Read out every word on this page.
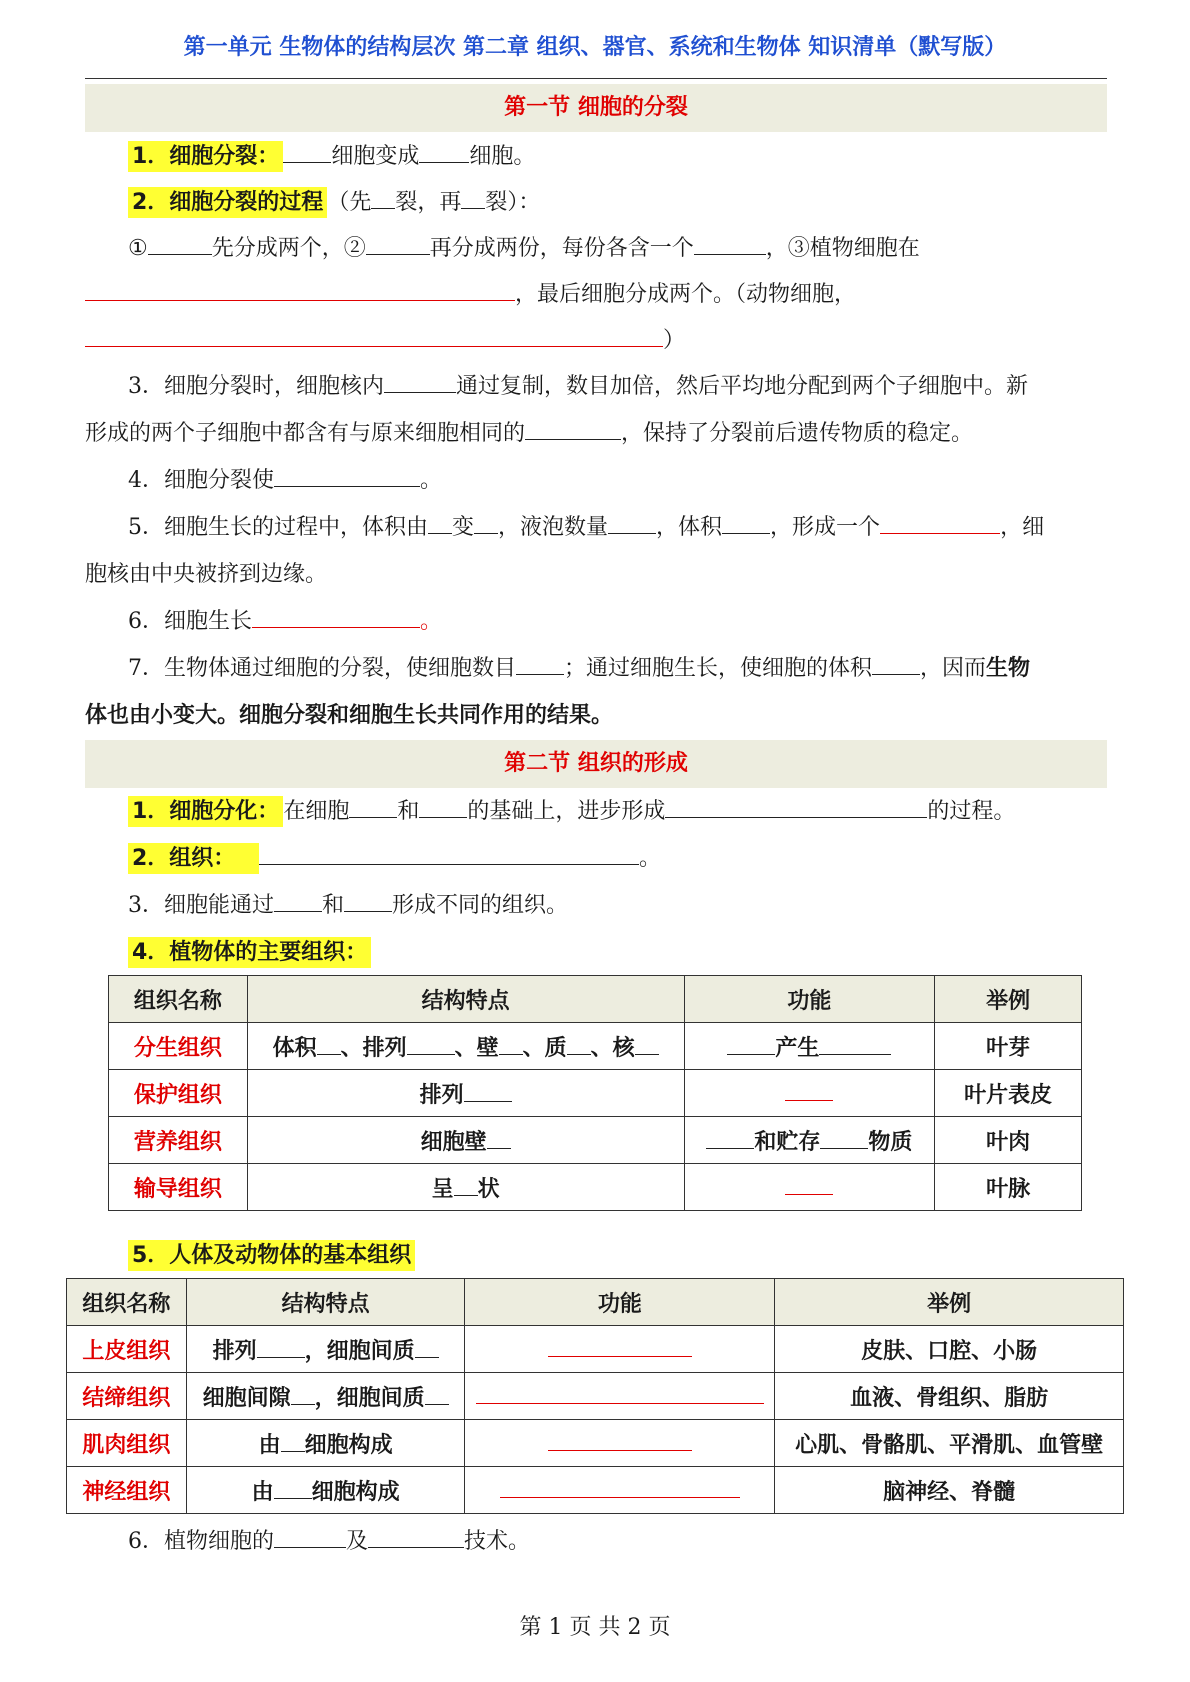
第一单元 生物体的结构层次 第二章 组织、器官、系统和生物体 知识清单（默写版）
第一节 细胞的分裂
1．细胞分裂： 细胞变成 细胞。
2．细胞分裂的过程 （先 裂，再 裂）：
①	先分成两个，②	再分成两份，每份各含一个	，③植物细胞在
，最后细胞分成两个。（动物细胞，
）
3．细胞分裂时，细胞核内	通过复制，数目加倍，然后平均地分配到两个子细胞中。新
形成的两个子细胞中都含有与原来细胞相同的	，保持了分裂前后遗传物质的稳定。
4．细胞分裂使	。
5．细胞生长的过程中，体积由 变 ，液泡数量 ，体积 ，形成一个	，细
胞核由中央被挤到边缘。
6．细胞生长	。
7．生物体通过细胞的分裂，使细胞数目 ；通过细胞生长，使细胞的体积 ，因而生物
体也由小变大。细胞分裂和细胞生长共同作用的结果。
第二节 组织的形成
1．细胞分化： 在细胞 和 的基础上，进步形成	的过程。
2．组织：	。
3．细胞能通过 和 形成不同的组织。
4．植物体的主要组织：
组织名称	结构特点	功能	举例
分生组织	体积 、排列 、壁 、质 、核	产生	叶芽
保护组织	排列		叶片表皮
营养组织	细胞壁	和贮存 物质	叶肉
输导组织	呈 状		叶脉
5．人体及动物体的基本组织
组织名称	结构特点	功能	举例
上皮组织	排列 ，细胞间质		皮肤、口腔、小肠
结缔组织	细胞间隙 ，细胞间质		血液、骨组织、脂肪
肌肉组织	由 细胞构成		心肌、骨骼肌、平滑肌、血管壁
神经组织	由 细胞构成		脑神经、脊髓
6．植物细胞的	及	技术。
第 1 页 共 2 页
